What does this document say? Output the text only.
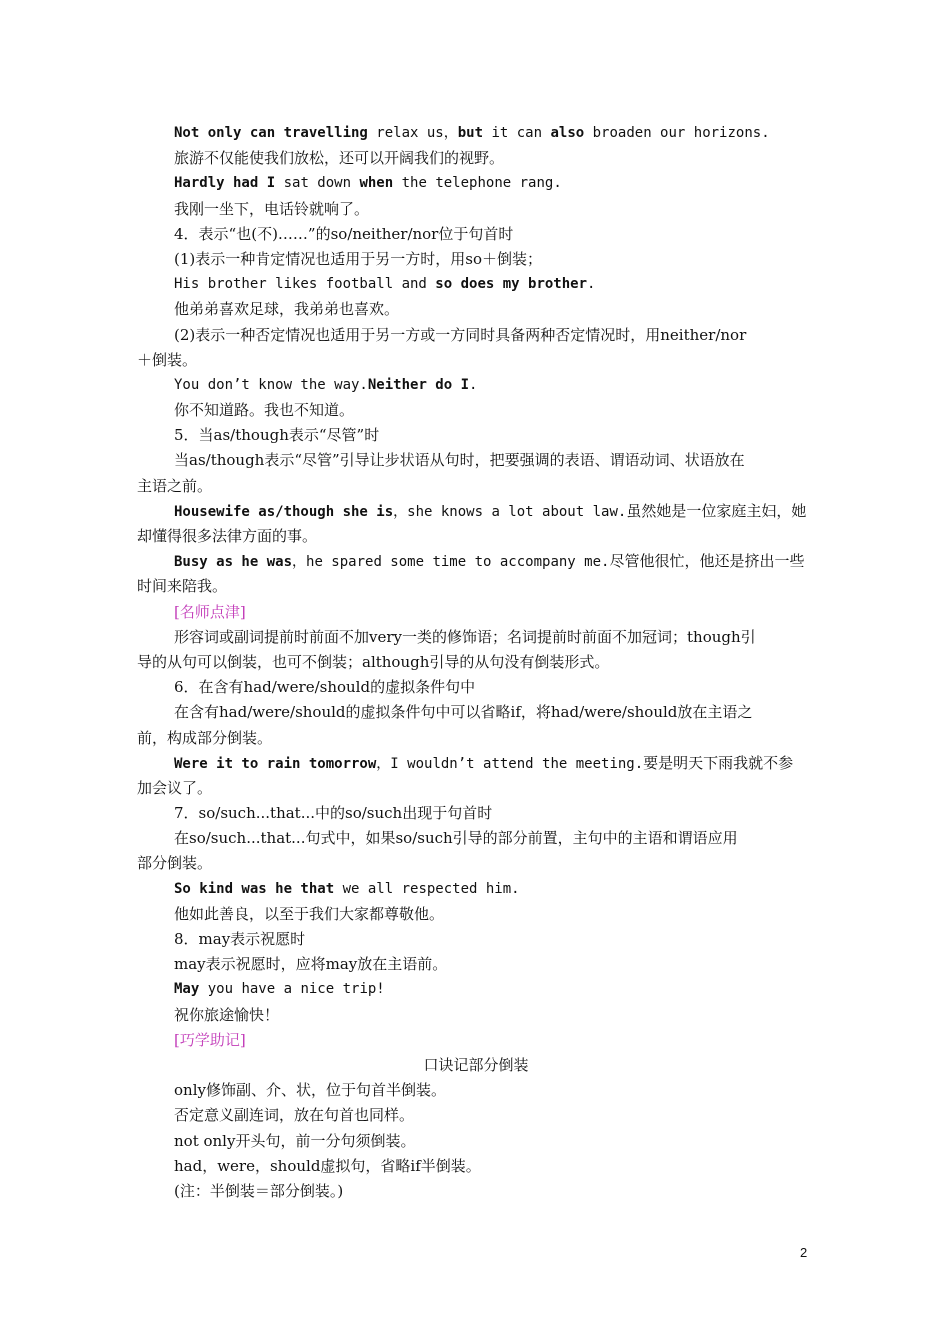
Not only can travelling relax us，but it can also broaden our horizons.
旅游不仅能使我们放松，还可以开阔我们的视野。
Hardly had I sat down when the telephone rang.
我刚一坐下，电话铃就响了。
4．表示“也(不)……”的so/neither/nor位于句首时
(1)表示一种肯定情况也适用于另一方时，用so＋倒装；
His brother likes football and so does my brother.
他弟弟喜欢足球，我弟弟也喜欢。
(2)表示一种否定情况也适用于另一方或一方同时具备两种否定情况时，用neither/nor
＋倒装。
You don’t know the way.Neither do I.
你不知道路。我也不知道。
5．当as/though表示“尽管”时
当as/though表示“尽管”引导让步状语从句时，把要强调的表语、谓语动词、状语放在
主语之前。
Housewife as/though she is，she knows a lot about law.虽然她是一位家庭主妇，她
却懂得很多法律方面的事。
Busy as he was，he spared some time to accompany me.尽管他很忙，他还是挤出一些
时间来陪我。
[名师点津]
形容词或副词提前时前面不加very一类的修饰语；名词提前时前面不加冠词；though引
导的从句可以倒装，也可不倒装；although引导的从句没有倒装形式。
6．在含有had/were/should的虚拟条件句中
在含有had/were/should的虚拟条件句中可以省略if，将had/were/should放在主语之
前，构成部分倒装。
Were it to rain tomorrow，I wouldn’t attend the meeting.要是明天下雨我就不参
加会议了。
7．so/such...that...中的so/such出现于句首时
在so/such...that...句式中，如果so/such引导的部分前置，主句中的主语和谓语应用
部分倒装。
So kind was he that we all respected him.
他如此善良，以至于我们大家都尊敬他。
8．may表示祝愿时
may表示祝愿时，应将may放在主语前。
May you have a nice trip!
祝你旅途愉快！
[巧学助记]
口诀记部分倒装
only修饰副、介、状，位于句首半倒装。
否定意义副连词，放在句首也同样。
not only开头句，前一分句须倒装。
had，were，should虚拟句，省略if半倒装。
(注：半倒装＝部分倒装。)
2
